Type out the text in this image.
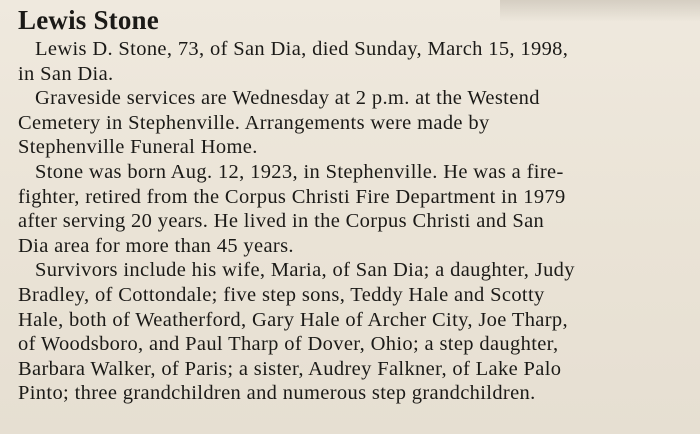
Lewis Stone

Lewis D. Stone, 73, of San Dia, died Sunday, March 15, 1998,
in San Dia.

Graveside services are Wednesday at 2 p.m. at the Westend
Cemetery in Stephenville. Arrangements were made by
Stephenville Funeral Home.

Stone was born Aug. 12, 1923, in Stephenville. He was a fire-
fighter, retired from the Corpus Christi Fire Department in 1979
after serving 20 years. He lived in the Corpus Christi and San
Dia area for more than 45 years.

Survivors include his wife, Maria, of San Dia; a daughter, Judy
Bradley, of Cottondale; five step sons, Teddy Hale and Scotty
Hale, both of Weatherford, Gary Hale of Archer City, Joe Tharp,
of Woodsboro, and Paul Tharp of Dover, Ohio; a step daughter,
Barbara Walker, of Paris; a sister, Audrey Falkner, of Lake Palo
Pinto; three grandchildren and numerous step grandchildren.
